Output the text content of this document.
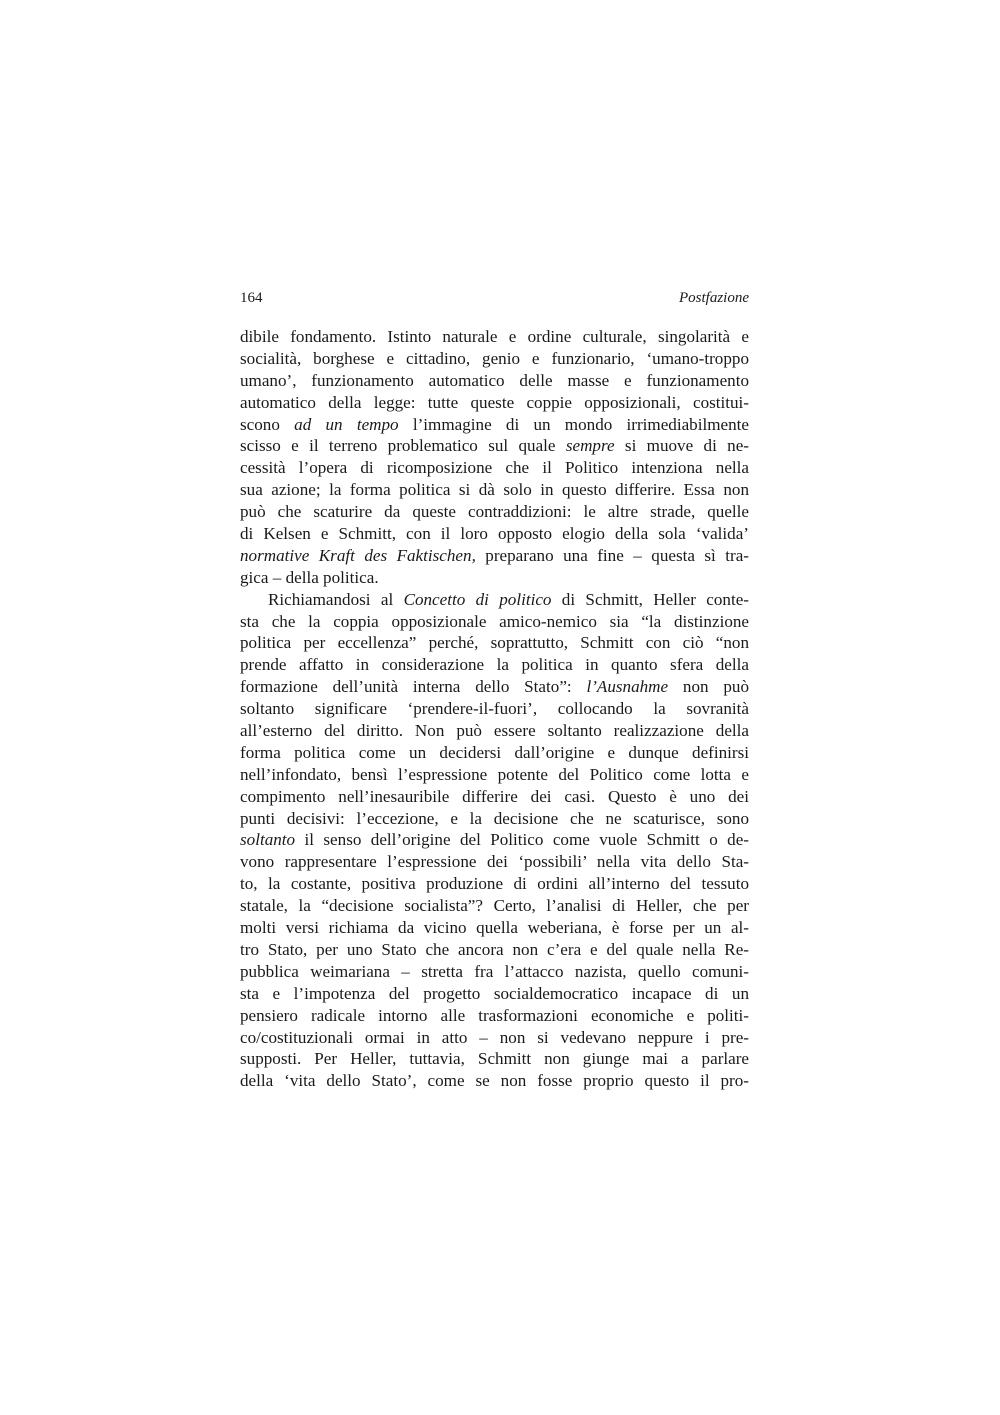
164	Postfazione
dibile fondamento. Istinto naturale e ordine culturale, singolarità e
socialità, borghese e cittadino, genio e funzionario, ‘umano-troppo
umano’, funzionamento automatico delle masse e funzionamento
automatico della legge: tutte queste coppie opposizionali, costitui-
scono ad un tempo l’immagine di un mondo irrimediabilmente
scisso e il terreno problematico sul quale sempre si muove di ne-
cessità l’opera di ricomposizione che il Politico intenziona nella
sua azione; la forma politica si dà solo in questo differire. Essa non
può che scaturire da queste contraddizioni: le altre strade, quelle
di Kelsen e Schmitt, con il loro opposto elogio della sola ‘valida’
normative Kraft des Faktischen, preparano una fine – questa sì tra-
gica – della politica.
Richiamandosi al Concetto di politico di Schmitt, Heller conte-
sta che la coppia opposizionale amico-nemico sia “la distinzione
politica per eccellenza” perché, soprattutto, Schmitt con ciò “non
prende affatto in considerazione la politica in quanto sfera della
formazione dell’unità interna dello Stato”: l’Ausnahme non può
soltanto significare ‘prendere-il-fuori’, collocando la sovranità
all’esterno del diritto. Non può essere soltanto realizzazione della
forma politica come un decidersi dall’origine e dunque definirsi
nell’infondato, bensì l’espressione potente del Politico come lotta e
compimento nell’inesauribile differire dei casi. Questo è uno dei
punti decisivi: l’eccezione, e la decisione che ne scaturisce, sono
soltanto il senso dell’origine del Politico come vuole Schmitt o de-
vono rappresentare l’espressione dei ‘possibili’ nella vita dello Sta-
to, la costante, positiva produzione di ordini all’interno del tessuto
statale, la “decisione socialista”? Certo, l’analisi di Heller, che per
molti versi richiama da vicino quella weberiana, è forse per un al-
tro Stato, per uno Stato che ancora non c’era e del quale nella Re-
pubblica weimariana – stretta fra l’attacco nazista, quello comuni-
sta e l’impotenza del progetto socialdemocratico incapace di un
pensiero radicale intorno alle trasformazioni economiche e politi-
co/costituzionali ormai in atto – non si vedevano neppure i pre-
supposti. Per Heller, tuttavia, Schmitt non giunge mai a parlare
della ‘vita dello Stato’, come se non fosse proprio questo il pro-
